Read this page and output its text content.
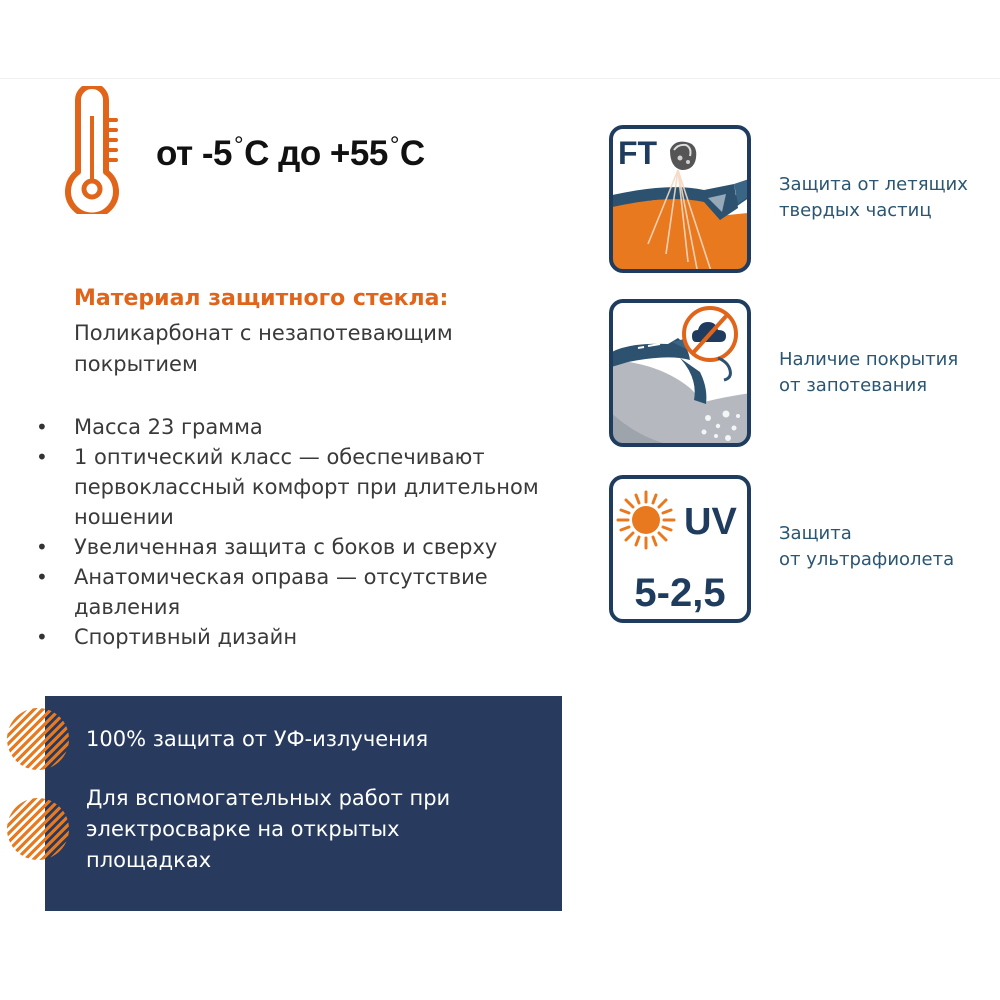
от -5°C до +55°C
Материал защитного стекла:
Поликарбонат с незапотевающим покрытием
• Масса 23 грамма
• 1 оптический класс — обеспечивают первоклассный комфорт при длительном ношении
• Увеличенная защита с боков и сверху
• Анатомическая оправа — отсутствие давления
• Спортивный дизайн
FT
Защита от летящих
твердых частиц
Наличие покрытия
от запотевания
UV
5-2,5
Защита
от ультрафиолета
100% защита от УФ-излучения
Для вспомогательных работ при электросварке на открытых площадках
